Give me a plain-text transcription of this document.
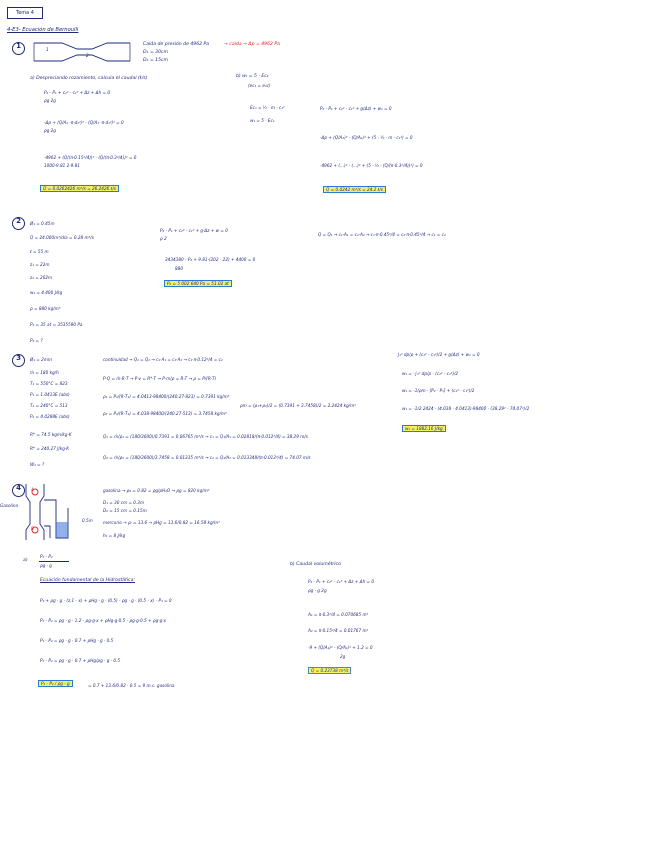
Tema 4
4-E3- Ecuación de Bernoulli
1	1
2
Caída de presión de 4962 Pa	→ caída → Δp = 4962 Pa
D₁ = 30cm
D₂ = 15cm
a) Despreciando rozamiento, calcula el caudal (ℓ/s)
P₂ - P₁ + c₂² - c₁² + Δz + Δh = 0
ρg 2g
-Δp + (Q/A₂ ·π·d₂²)² - (Q/A₁ ·π·d₁²)² = 0
ρg 2g
-4962 + (Q/(π·0.15²/4))² - (Q/(π·0.3²/4))² = 0
1000·9.81 2·9.81
Q = 0.0262426 m³/s = 26.2426 ℓ/s
b) wₜ = 5 · Ec₁
(ec₁ = e₁c)
Ec₁ = ½ · m · c₁²
w₁ = 5 · Ec₁
P₂ - P₁ + c₂² - c₁² + g(Δz) + w₁ = 0
-Δp + (Q/A₂)² - (Q/A₁)² + (5 · ½ · m · c₁²) = 0
-4962 + (...)² - (...)² + (5 · ½ · (Q/(π·0.3²/4))²) = 0
Q = 0.0242 m³/s = 24.2 ℓ/s
2	Ø₁ = 0.45m
Q = 24.000m³/día = 0.28 m³/s
ℓ = 55 m
z₁ = 22m
z₂ = 202m
w₁ = 4.400 J/kg
ρ = 880 kg/m³
P₁ = 35 at = 3535590 Pa
P₂ = ?
P₂ - P₁ + c₂² - c₁² + g·Δz + w = 0
ρ 2
3434380 - P₂ + 9.81·(202 - 22) + 4400 = 0
880
P₂ = 5 002 640 Pa = 51.02 at
Q = Q₁ → c₁·A₁ = c₂·A₂ → c₁·π·0.45²/4 = c₂·π·0.45²/4 → c₁ = c₂
3	Ø₁ = 2mm
ṁ = 180 kg/h
T₁ = 550°C = 823
P₁ = 1.0413E (abs)
T₂ = 240°C = 513
P₂ = 4.0288E (abs)
R* = 74.5 kgm/kg·K
R* = 240.27 J/kg·K
W₁ = ?
continuidad → Q₁ = Q₂ → c₁·A₁ = c₂·A₂ → c₁·π·0.12²/4 = c₂
P·Q = ṁ·R·T → P·v = R*·T → P·m/ρ = R·T → ρ = P/(R·T)
ρ₁ = P₁/(R·T₁) = 4.0413·98400/(240.27·823) = 0.7391 kg/m³
ρ₂ = P₂/(R·T₂) = 4.038·98400/(240.27·513) = 3.7458 kg/m³
ρm = (ρ₁+ρ₂)/2 = (0.7391 + 3.7458)/2 = 2.2424 kg/m³
Q₁ = ṁ/ρ₁ = (180/3600)/0.7391 = 0.06765 m³/s → c₁ = Q₁/A₁ = 0.02818/(π·0.012²/4) = 38.29 m/s
Q₂ = ṁ/ρ₂ = (180/3600)/3.7458 = 0.01335 m³/s → c₂ = Q₂/A₂ = 0.013348/(π·0.012²/4) = 74.07 m/s
∫₁² dp/ρ + (c₂² - c₁²)/2 + g(Δz) + w₁ = 0
w₁ = -∫₁² dp/ρ - (c₂² - c₁²)/2
w₁ = -1/ρm · [P₂ - P₁] + (c₂² - c₁²)/2
w₁ = -1/2.2424 · (4.038 - 4.0413)·98400 - (38.29² - 74.07²)/2
w₁ = 1882.16 J/kg
4
Gasolina
0.5m
A
B
gasolina → ρ₉ = 0.82 = ρg/ρH₂O → ρg = 820 kg/m³
D₁ = 30 cm = 0.3m
D₂ = 15 cm = 0.15m
mercurio → ρᵣ = 13.6 → ρHg = 13.6/0.82 = 16.58 kg/m³
h₁ = 8 J/kg
a)
P₁ - P₂
ρg · g
Ecuación fundamental de la Hidrostática:
P₂ + ρg · g · (z,1 - x) + ρHg · g · (0.5) - ρg · g · (0.5 - x) - P₁ = 0
P₁ - P₂ = ρg · g · 1.2 - ρg·g·x + ρHg·g·0.5 - ρg·g·0.5 + ρg·g·x
P₁ - P₂ = ρg · g · 0.7 + ρHg · g · 0.5
P₁ - P₂ = ρg · g · 0.7 + ρHg/ρg · g · 0.5
P₁ - P₂ / ρg · g	= 0.7 + 13.6/0.82 · 0.5 = 9 m.c. gasolina
b) Caudal volumétrico
P₂ - P₁ + c₂² - c₁² + Δz + Δh = 0
ρg · g 2g
A₁ = π·0.3²/4 = 0.070685 m²
A₂ = π·0.15²/4 = 0.01767 m²
-9 + (Q/A₂)² - (Q/A₁)² + 1.2 = 0
2g
Q = 0.23738 m³/s
